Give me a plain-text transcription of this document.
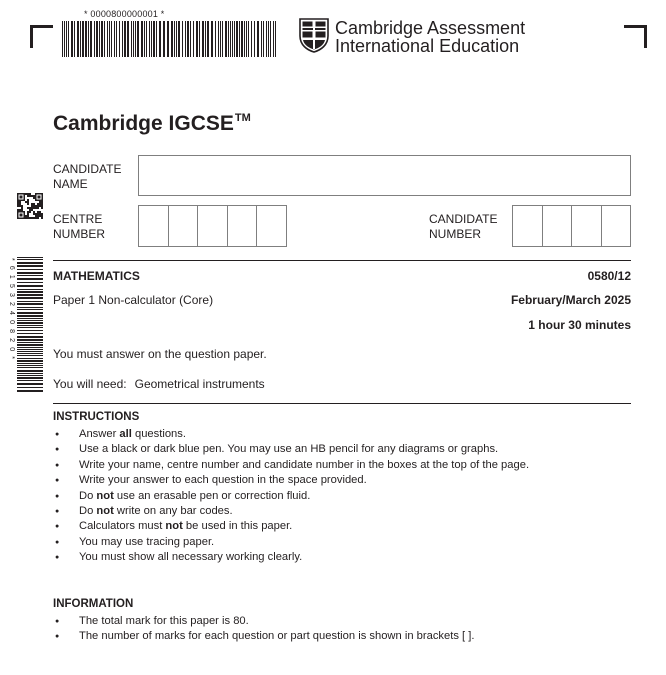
* 0000800000001 *
Cambridge Assessment
International Education
* 6 1 5 3 2 4 0 8 2 0 *
Cambridge IGCSE™
CANDIDATE
NAME
CENTRE
NUMBER
CANDIDATE
NUMBER
MATHEMATICS	0580/12
Paper 1 Non-calculator (Core)	February/March 2025
1 hour 30 minutes
You must answer on the question paper.
You will need: Geometrical instruments
INSTRUCTIONS
● Answer all questions.
● Use a black or dark blue pen. You may use an HB pencil for any diagrams or graphs.
● Write your name, centre number and candidate number in the boxes at the top of the page.
● Write your answer to each question in the space provided.
● Do not use an erasable pen or correction fluid.
● Do not write on any bar codes.
● Calculators must not be used in this paper.
● You may use tracing paper.
● You must show all necessary working clearly.
INFORMATION
● The total mark for this paper is 80.
● The number of marks for each question or part question is shown in brackets [ ].
